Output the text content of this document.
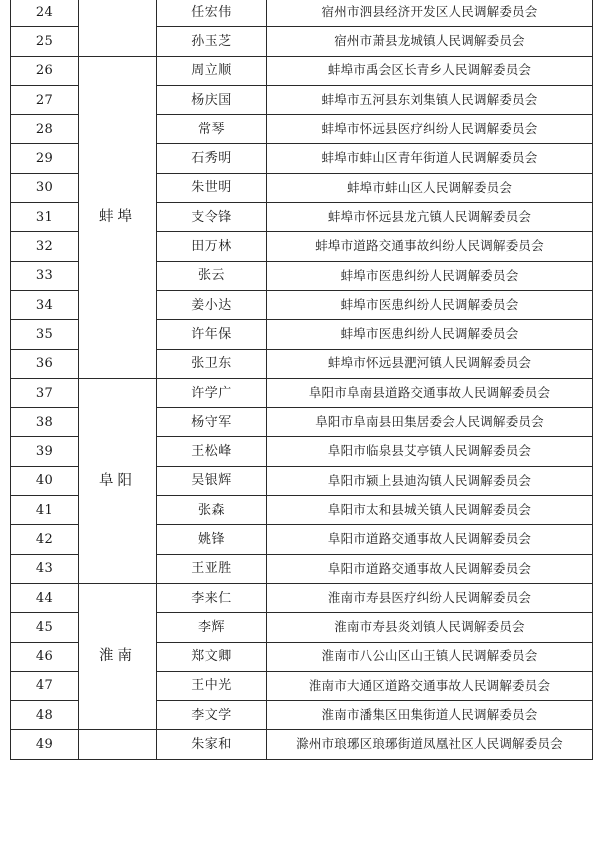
24		任宏伟	宿州市泗县经济开发区人民调解委员会
25		孙玉芝	宿州市萧县龙城镇人民调解委员会
26	蚌埠	周立顺	蚌埠市禹会区长青乡人民调解委员会
27		杨庆国	蚌埠市五河县东刘集镇人民调解委员会
28		常琴	蚌埠市怀远县医疗纠纷人民调解委员会
29		石秀明	蚌埠市蚌山区青年街道人民调解委员会
30		朱世明	蚌埠市蚌山区人民调解委员会
31		支令锋	蚌埠市怀远县龙亢镇人民调解委员会
32		田万林	蚌埠市道路交通事故纠纷人民调解委员会
33		张云	蚌埠市医患纠纷人民调解委员会
34		姜小达	蚌埠市医患纠纷人民调解委员会
35		许年保	蚌埠市医患纠纷人民调解委员会
36		张卫东	蚌埠市怀远县淝河镇人民调解委员会
37	阜阳	许学广	阜阳市阜南县道路交通事故人民调解委员会
38		杨守军	阜阳市阜南县田集居委会人民调解委员会
39		王松峰	阜阳市临泉县艾亭镇人民调解委员会
40		吴银辉	阜阳市颍上县迪沟镇人民调解委员会
41		张森	阜阳市太和县城关镇人民调解委员会
42		姚锋	阜阳市道路交通事故人民调解委员会
43		王亚胜	阜阳市道路交通事故人民调解委员会
44	淮南	李来仁	淮南市寿县医疗纠纷人民调解委员会
45		李辉	淮南市寿县炎刘镇人民调解委员会
46		郑文卿	淮南市八公山区山王镇人民调解委员会
47		王中光	淮南市大通区道路交通事故人民调解委员会
48		李文学	淮南市潘集区田集街道人民调解委员会
49		朱家和	滁州市琅琊区琅琊街道凤凰社区人民调解委员会
